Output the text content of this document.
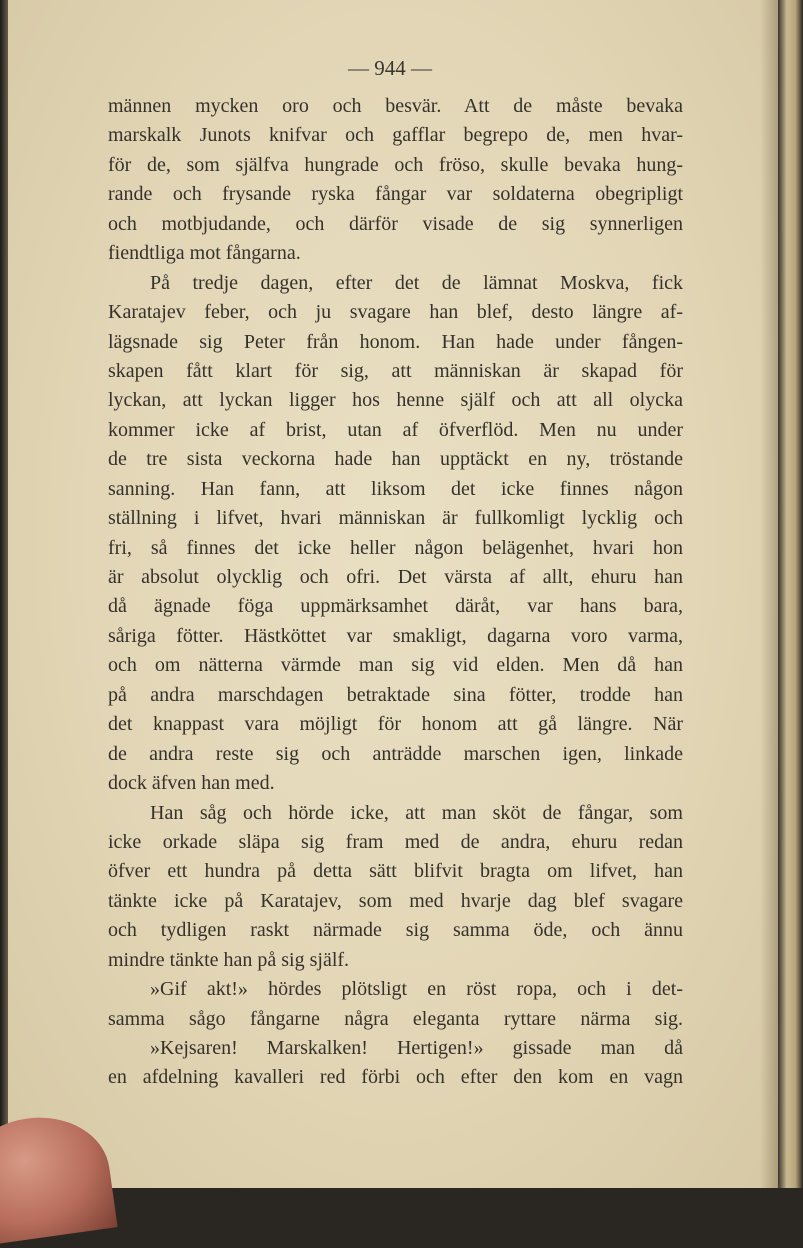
— 944 —
männen mycken oro och besvär. Att de måste bevaka
marskalk Junots knifvar och gafflar begrepo de, men hvar-
för de, som själfva hungrade och fröso, skulle bevaka hung-
rande och frysande ryska fångar var soldaterna obegripligt
och motbjudande, och därför visade de sig synnerligen
fiendtliga mot fångarna.
På tredje dagen, efter det de lämnat Moskva, fick
Karatajev feber, och ju svagare han blef, desto längre af-
lägsnade sig Peter från honom. Han hade under fången-
skapen fått klart för sig, att människan är skapad för
lyckan, att lyckan ligger hos henne själf och att all olycka
kommer icke af brist, utan af öfverflöd. Men nu under
de tre sista veckorna hade han upptäckt en ny, tröstande
sanning. Han fann, att liksom det icke finnes någon
ställning i lifvet, hvari människan är fullkomligt lycklig och
fri, så finnes det icke heller någon belägenhet, hvari hon
är absolut olycklig och ofri. Det värsta af allt, ehuru han
då ägnade föga uppmärksamhet däråt, var hans bara,
såriga fötter. Hästköttet var smakligt, dagarna voro varma,
och om nätterna värmde man sig vid elden. Men då han
på andra marschdagen betraktade sina fötter, trodde han
det knappast vara möjligt för honom att gå längre. När
de andra reste sig och anträdde marschen igen, linkade
dock äfven han med.
Han såg och hörde icke, att man sköt de fångar, som
icke orkade släpa sig fram med de andra, ehuru redan
öfver ett hundra på detta sätt blifvit bragta om lifvet, han
tänkte icke på Karatajev, som med hvarje dag blef svagare
och tydligen raskt närmade sig samma öde, och ännu
mindre tänkte han på sig själf.
»Gif akt!» hördes plötsligt en röst ropa, och i det-
samma sågo fångarne några eleganta ryttare närma sig.
»Kejsaren! Marskalken! Hertigen!» gissade man då
en afdelning kavalleri red förbi och efter den kom en vagn
